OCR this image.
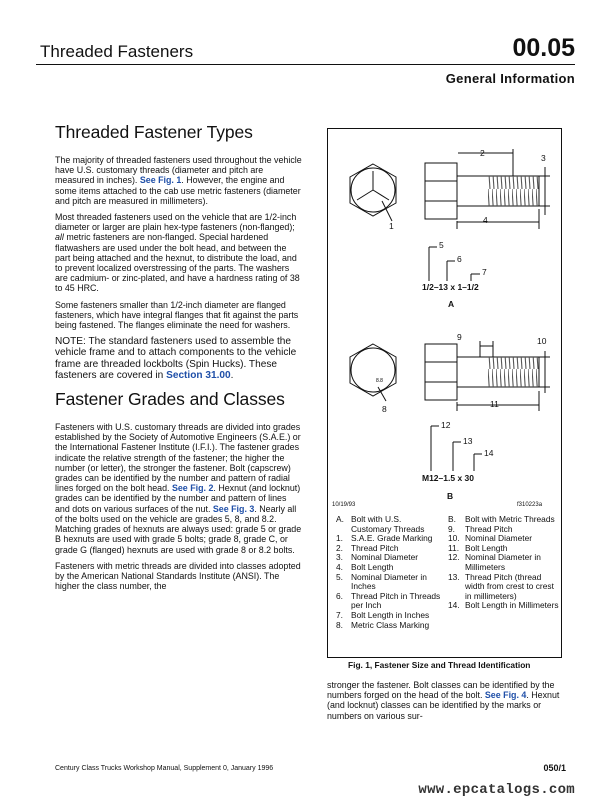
Threaded Fasteners	00.05
General Information
Threaded Fastener Types

The majority of threaded fasteners used throughout the vehicle have U.S. customary threads (diameter and pitch are measured in inches). See Fig. 1. However, the engine and some items attached to the cab use metric fasteners (diameter and pitch are measured in millimeters).

Most threaded fasteners used on the vehicle that are 1/2-inch diameter or larger are plain hex-type fasteners (non-flanged); all metric fasteners are non-flanged. Special hardened flatwashers are used under the bolt head, and between the part being attached and the hexnut, to distribute the load, and to prevent localized overstressing of the parts. The washers are cadmium- or zinc-plated, and have a hardness rating of 38 to 45 HRC.

Some fasteners smaller than 1/2-inch diameter are flanged fasteners, which have integral flanges that fit against the parts being fastened. The flanges eliminate the need for washers.

NOTE: The standard fasteners used to assemble the vehicle frame and to attach components to the vehicle frame are threaded lockbolts (Spin Hucks). These fasteners are covered in Section 31.00.

Fastener Grades and Classes

Fasteners with U.S. customary threads are divided into grades established by the Society of Automotive Engineers (S.A.E.) or the International Fastener Institute (I.F.I.). The fastener grades indicate the relative strength of the fastener; the higher the number (or letter), the stronger the fastener. Bolt (capscrew) grades can be identified by the number and pattern of radial lines forged on the bolt head. See Fig. 2. Hexnut (and locknut) grades can be identified by the number and pattern of lines and dots on various surfaces of the nut. See Fig. 3. Nearly all of the bolts used on the vehicle are grades 5, 8, and 8.2. Matching grades of hexnuts are always used: grade 5 or grade B hexnuts are used with grade 5 bolts; grade 8, grade C, or grade G (flanged) hexnuts are used with grade 8 or 8.2 bolts.

Fasteners with metric threads are divided into classes adopted by the American National Standards Institute (ANSI). The higher the class number, the

8.8
2	3
4
1
5
6
7
1/2–13 x 1–1/2
A
9	10
11
8
12
13
14
M12–1.5 x 30
B
10/19/93	f310223a
A. Bolt with U.S. Customary Threads
1. S.A.E. Grade Marking
2. Thread Pitch
3. Nominal Diameter
4. Bolt Length
5. Nominal Diameter in Inches
6. Thread Pitch in Threads per Inch
7. Bolt Length in Inches
8. Metric Class Marking
B. Bolt with Metric Threads
9. Thread Pitch
10. Nominal Diameter
11. Bolt Length
12. Nominal Diameter in Millimeters
13. Thread Pitch (thread width from crest to crest in millimeters)
14. Bolt Length in Millimeters
Fig. 1, Fastener Size and Thread Identification
stronger the fastener. Bolt classes can be identified by the numbers forged on the head of the bolt. See Fig. 4. Hexnut (and locknut) classes can be identified by the marks or numbers on various sur-
Century Class Trucks Workshop Manual, Supplement 0, January 1996	050/1
www.epcatalogs.com
